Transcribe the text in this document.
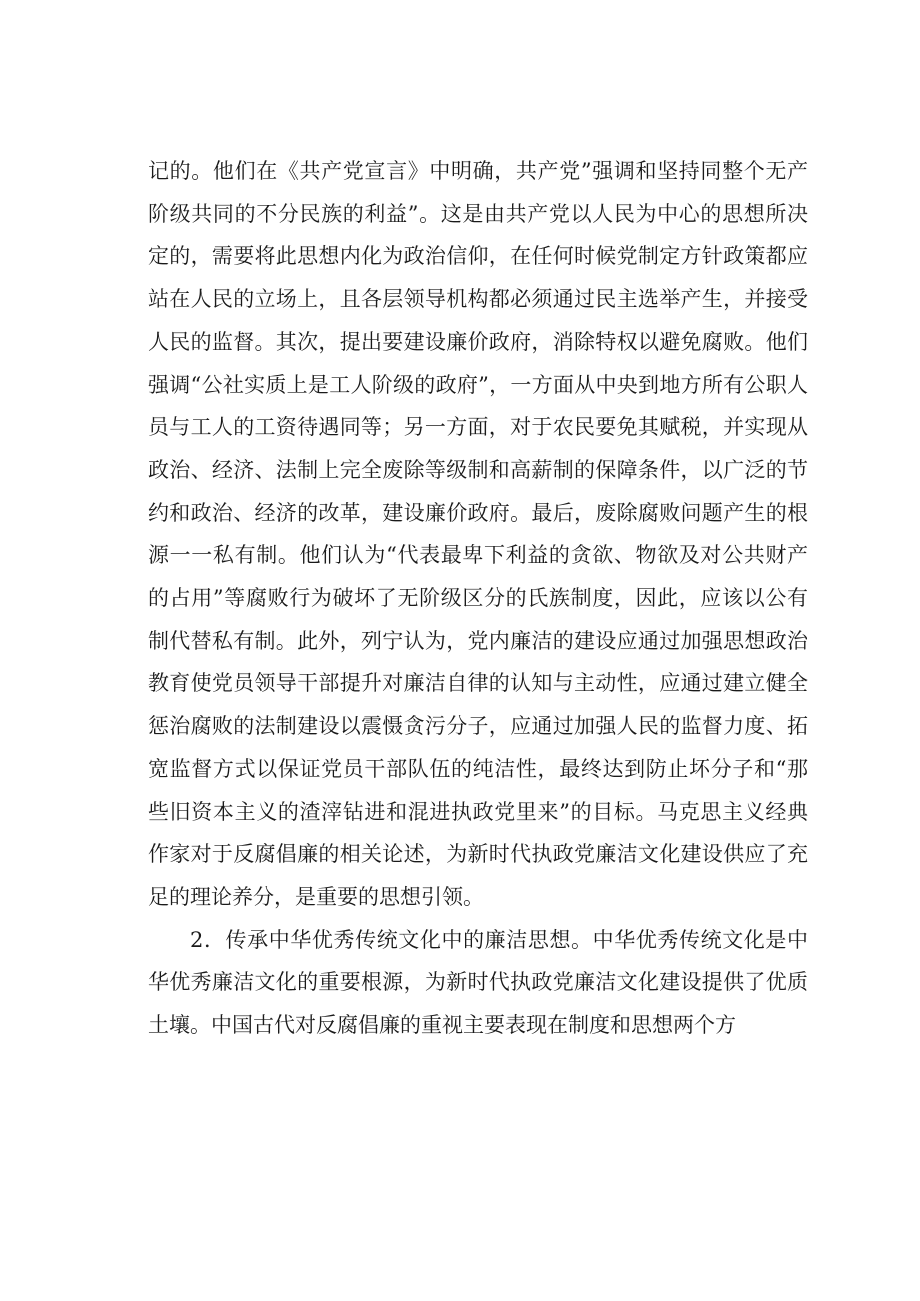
记的。他们在《共产党宣言》中明确，共产党”强调和坚持同整个无产阶级共同的不分民族的利益”。这是由共产党以人民为中心的思想所决定的，需要将此思想内化为政治信仰，在任何时候党制定方针政策都应站在人民的立场上，且各层领导机构都必须通过民主选举产生，并接受人民的监督。其次，提出要建设廉价政府，消除特权以避免腐败。他们强调“公社实质上是工人阶级的政府”，一方面从中央到地方所有公职人员与工人的工资待遇同等；另一方面，对于农民要免其赋税，并实现从政治、经济、法制上完全废除等级制和高薪制的保障条件，以广泛的节约和政治、经济的改革，建设廉价政府。最后，废除腐败问题产生的根源一一私有制。他们认为“代表最卑下利益的贪欲、物欲及对公共财产的占用”等腐败行为破坏了无阶级区分的氏族制度，因此，应该以公有制代替私有制。此外，列宁认为，党内廉洁的建设应通过加强思想政治教育使党员领导干部提升对廉洁自律的认知与主动性，应通过建立健全惩治腐败的法制建设以震慑贪污分子，应通过加强人民的监督力度、拓宽监督方式以保证党员干部队伍的纯洁性，最终达到防止坏分子和“那些旧资本主义的渣滓钻进和混进执政党里来”的目标。马克思主义经典作家对于反腐倡廉的相关论述，为新时代执政党廉洁文化建设供应了充足的理论养分，是重要的思想引领。

2．传承中华优秀传统文化中的廉洁思想。中华优秀传统文化是中华优秀廉洁文化的重要根源，为新时代执政党廉洁文化建设提供了优质土壤。中国古代对反腐倡廉的重视主要表现在制度和思想两个方
